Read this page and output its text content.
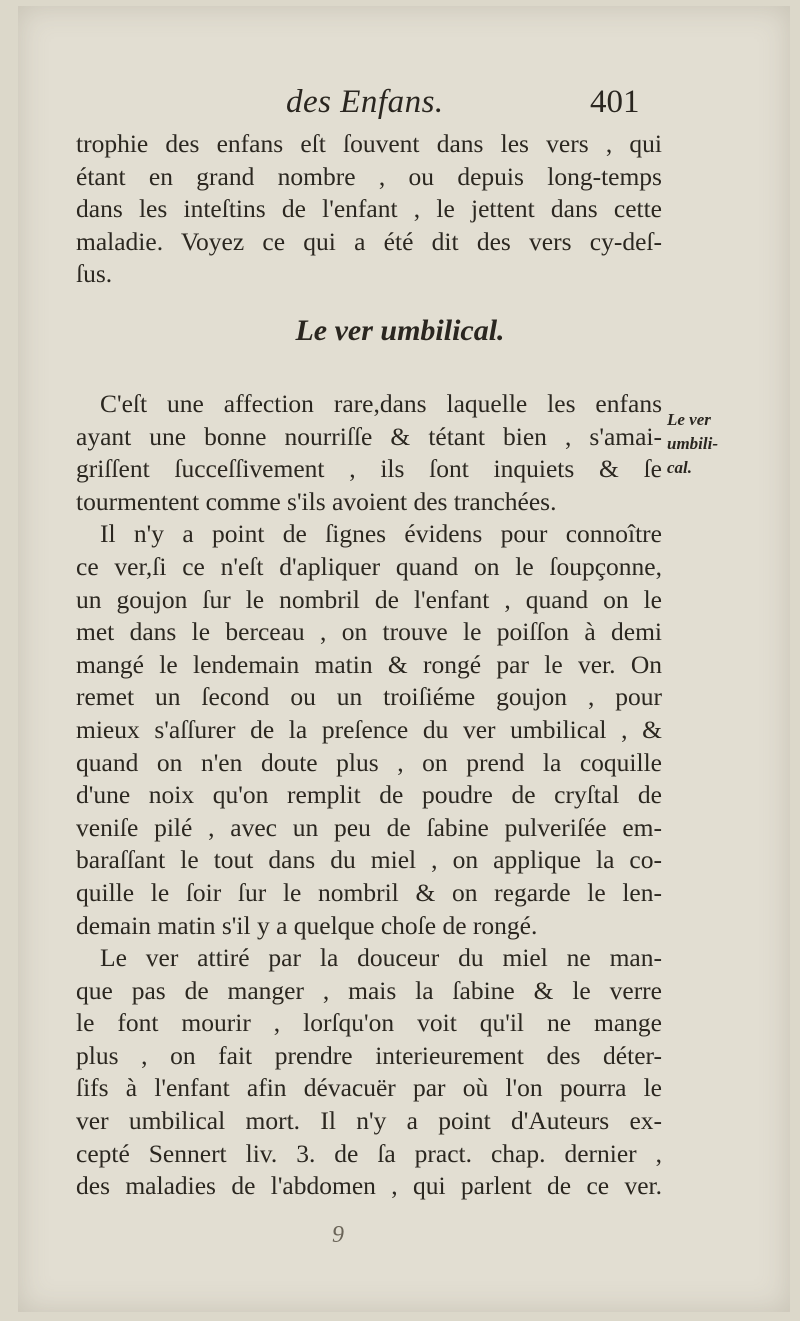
des Enfans.	401
trophie des enfans eſt ſouvent dans les vers , qui
étant en grand nombre , ou depuis long-temps
dans les inteſtins de l'enfant , le jettent dans cette
maladie. Voyez ce qui a été dit des vers cy-deſ-
ſus.
Le ver umbilical.
C'eſt une affection rare,dans laquelle les enfans
ayant une bonne nourriſſe & tétant bien , s'amai-
griſſent ſucceſſivement , ils ſont inquiets & ſe
tourmentent comme s'ils avoient des tranchées.
Il n'y a point de ſignes évidens pour connoître
ce ver,ſi ce n'eſt d'apliquer quand on le ſoupçonne,
un goujon ſur le nombril de l'enfant , quand on le
met dans le berceau , on trouve le poiſſon à demi
mangé le lendemain matin & rongé par le ver. On
remet un ſecond ou un troiſiéme goujon , pour
mieux s'aſſurer de la preſence du ver umbilical , &
quand on n'en doute plus , on prend la coquille
d'une noix qu'on remplit de poudre de cryſtal de
veniſe pilé , avec un peu de ſabine pulveriſée em-
baraſſant le tout dans du miel , on applique la co-
quille le ſoir ſur le nombril & on regarde le len-
demain matin s'il y a quelque choſe de rongé.
Le ver attiré par la douceur du miel ne man-
que pas de manger , mais la ſabine & le verre
le font mourir , lorſqu'on voit qu'il ne mange
plus , on fait prendre interieurement des déter-
ſifs à l'enfant afin dévacuër par où l'on pourra le
ver umbilical mort. Il n'y a point d'Auteurs ex-
cepté Sennert liv. 3. de ſa pract. chap. dernier ,
des maladies de l'abdomen , qui parlent de ce ver.
Le ver
umbili-
cal.
9
